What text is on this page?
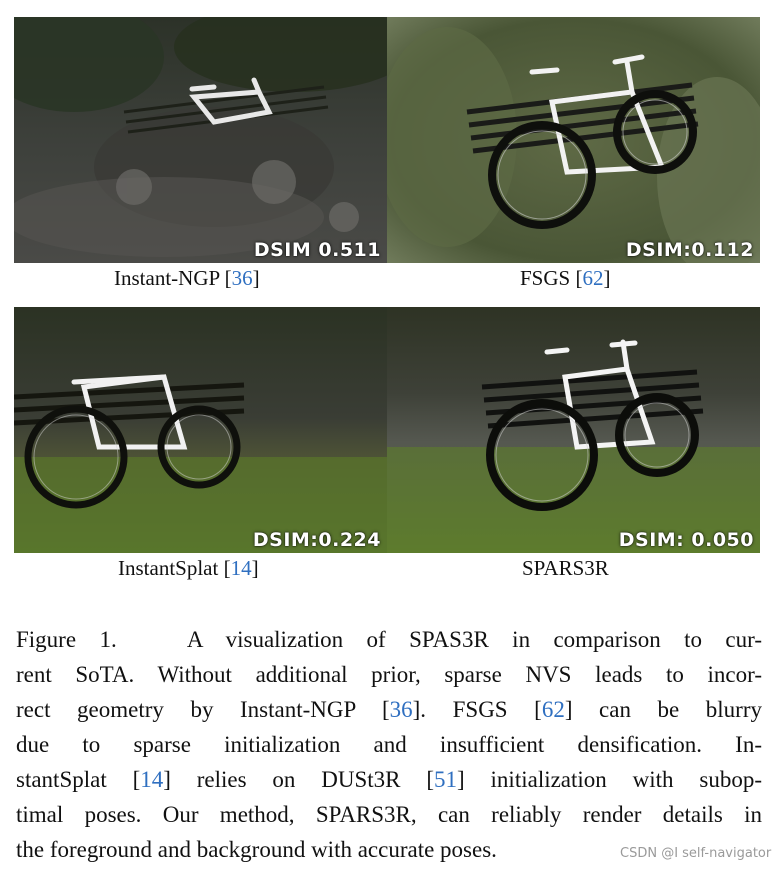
DSIM 0.511	DSIM:0.112
Instant-NGP [36]	FSGS [62]
DSIM:0.224	DSIM: 0.050
InstantSplat [14]	SPARS3R
Figure 1.	A visualization of SPAS3R in comparison to cur-
rent SoTA. Without additional prior, sparse NVS leads to incor-
rect geometry by Instant-NGP [36]. FSGS [62] can be blurry
due to sparse initialization and insufficient densification. In-
stantSplat [14] relies on DUSt3R [51] initialization with subop-
timal poses. Our method, SPARS3R, can reliably render details in
the foreground and background with accurate poses.	CSDN @I self-navigator
